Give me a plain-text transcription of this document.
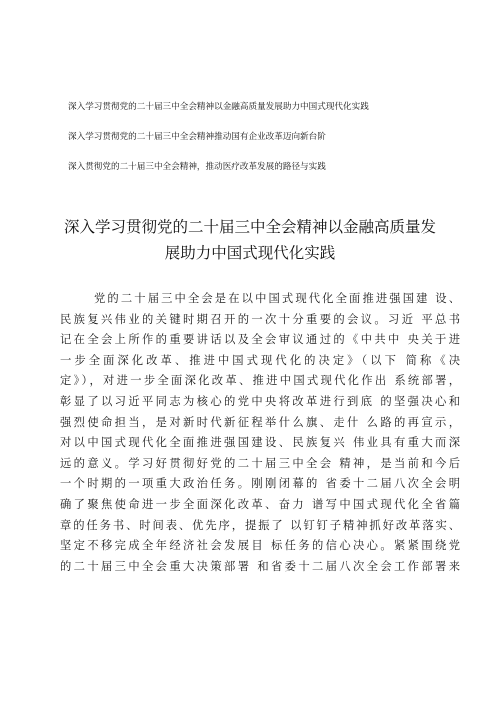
深入学习贯彻党的二十届三中全会精神以金融高质量发展助力中国式现代化实践
深入学习贯彻党的二十届三中全会精神推动国有企业改革迈向新台阶
深入贯彻党的二十届三中全会精神，推动医疗改革发展的路径与实践
深入学习贯彻党的二十届三中全会精神以金融高质量发
展助力中国式现代化实践
党的二十届三中全会是在以中国式现代化全面推进强国建 设、
民族复兴伟业的关键时期召开的一次十分重要的会议。习近 平总书
记在全会上所作的重要讲话以及全会审议通过的《中共中 央关于进
一步全面深化改革、推进中国式现代化的决定》（以下 简称《决
定》），对进一步全面深化改革、推进中国式现代化作出 系统部署，
彰显了以习近平同志为核心的党中央将改革进行到底 的坚强决心和
强烈使命担当，是对新时代新征程举什么旗、走什 么路的再宣示，
对以中国式现代化全面推进强国建设、民族复兴 伟业具有重大而深
远的意义。学习好贯彻好党的二十届三中全会 精神，是当前和今后
一个时期的一项重大政治任务。刚刚闭幕的 省委十二届八次全会明
确了聚焦使命进一步全面深化改革、奋力 谱写中国式现代化全省篇
章的任务书、时间表、优先序，提振了 以钉钉子精神抓好改革落实、
坚定不移完成全年经济社会发展目 标任务的信心决心。紧紧围绕党
的二十届三中全会重大决策部署 和省委十二届八次全会工作部署来
